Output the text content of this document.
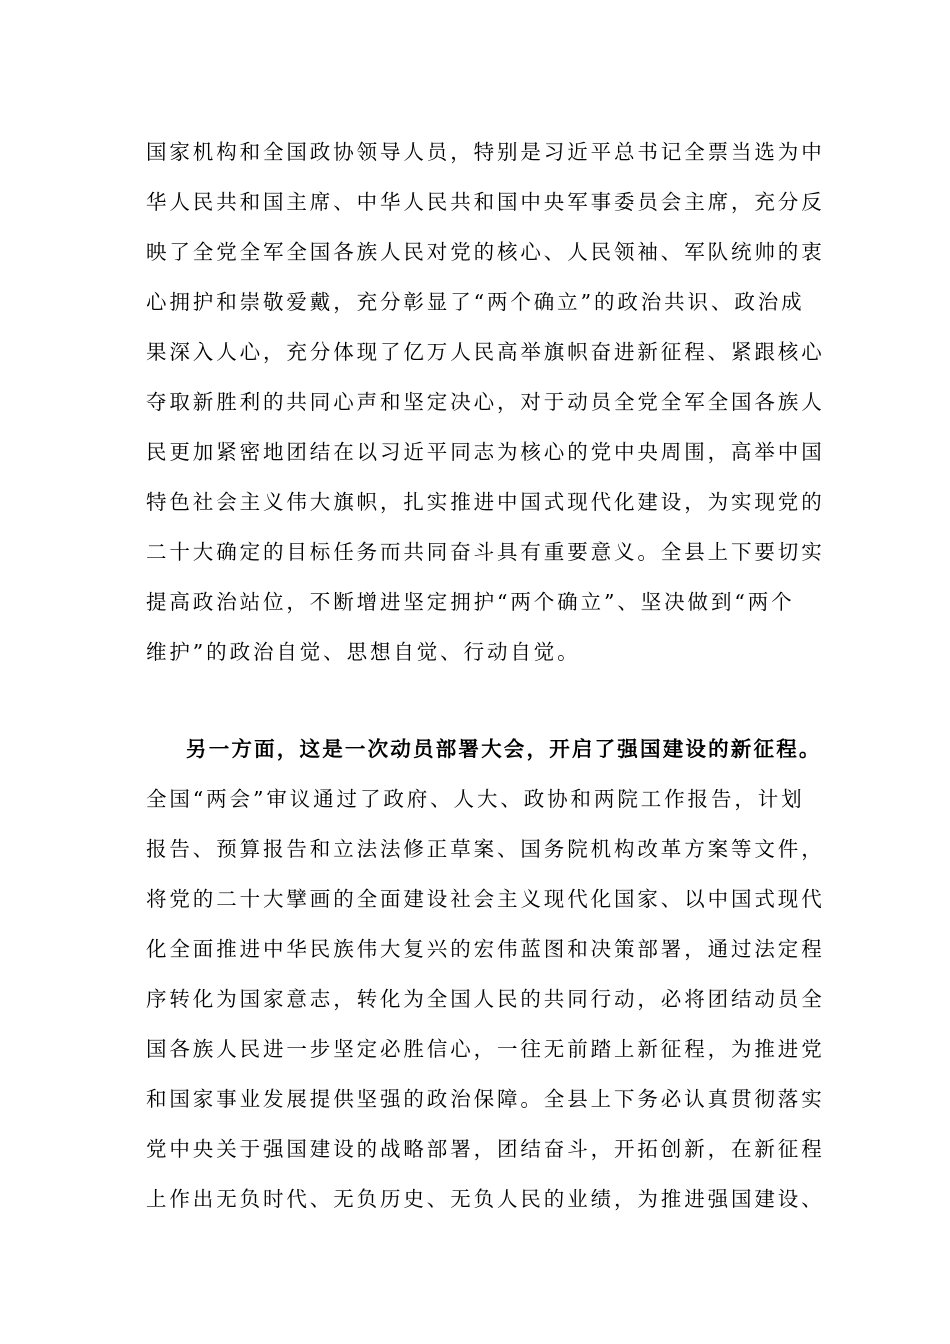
国家机构和全国政协领导人员，特别是习近平总书记全票当选为中
华人民共和国主席、中华人民共和国中央军事委员会主席，充分反
映了全党全军全国各族人民对党的核心、人民领袖、军队统帅的衷
心拥护和崇敬爱戴，充分彰显了“两个确立”的政治共识、政治成
果深入人心，充分体现了亿万人民高举旗帜奋进新征程、紧跟核心
夺取新胜利的共同心声和坚定决心，对于动员全党全军全国各族人
民更加紧密地团结在以习近平同志为核心的党中央周围，高举中国
特色社会主义伟大旗帜，扎实推进中国式现代化建设，为实现党的
二十大确定的目标任务而共同奋斗具有重要意义。全县上下要切实
提高政治站位，不断增进坚定拥护“两个确立”、坚决做到“两个
维护”的政治自觉、思想自觉、行动自觉。
另一方面，这是一次动员部署大会，开启了强国建设的新征程。
全国“两会”审议通过了政府、人大、政协和两院工作报告，计划
报告、预算报告和立法法修正草案、国务院机构改革方案等文件，
将党的二十大擘画的全面建设社会主义现代化国家、以中国式现代
化全面推进中华民族伟大复兴的宏伟蓝图和决策部署，通过法定程
序转化为国家意志，转化为全国人民的共同行动，必将团结动员全
国各族人民进一步坚定必胜信心，一往无前踏上新征程，为推进党
和国家事业发展提供坚强的政治保障。全县上下务必认真贯彻落实
党中央关于强国建设的战略部署，团结奋斗，开拓创新，在新征程
上作出无负时代、无负历史、无负人民的业绩，为推进强国建设、
